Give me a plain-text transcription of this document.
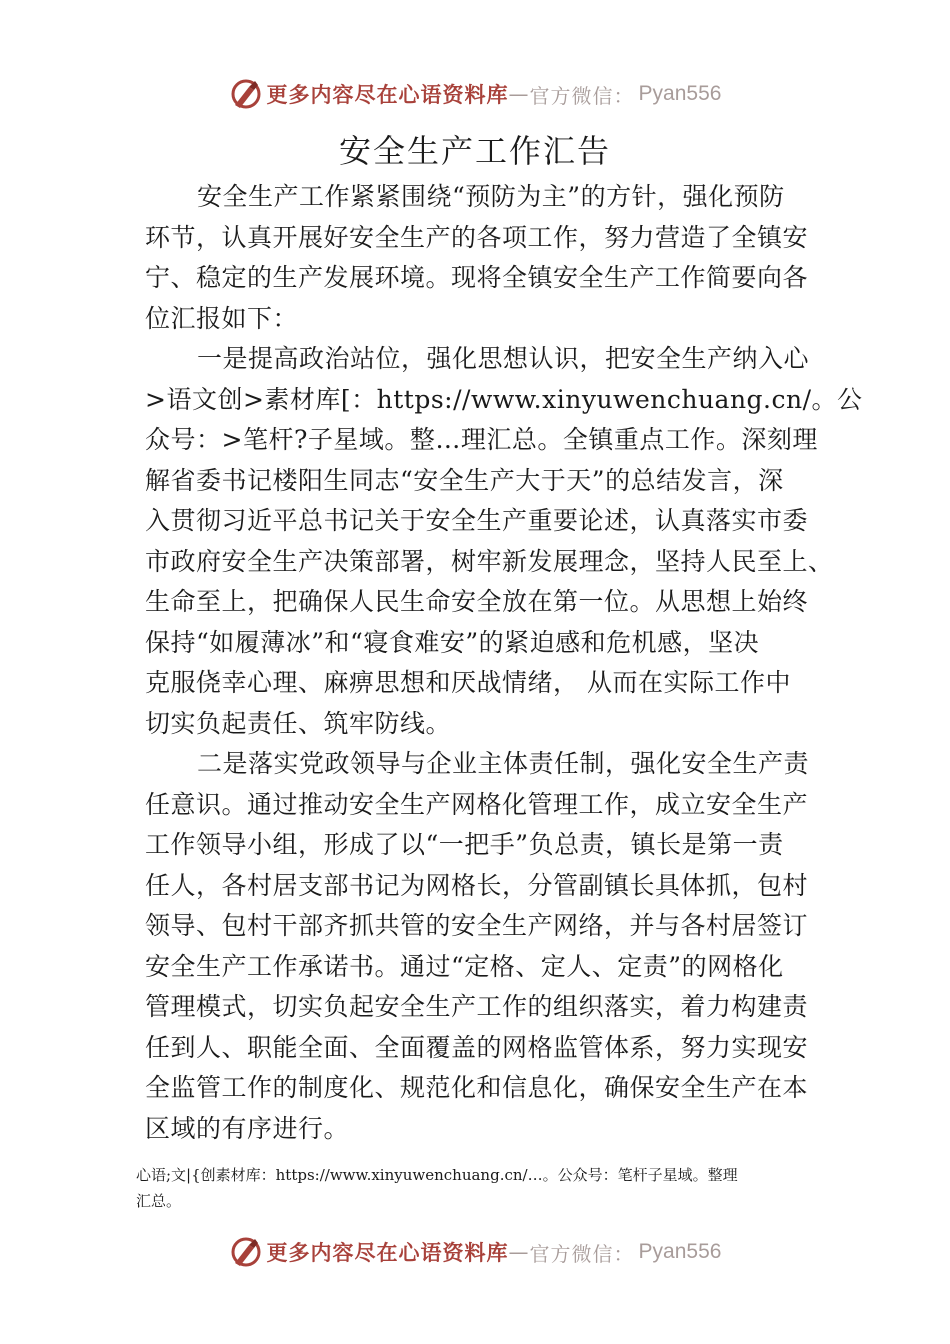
更多内容尽在心语资料库 — 官方微信： Pyan556
安全生产工作汇告
安全生产工作紧紧围绕“预防为主”的方针，强化预防
环节，认真开展好安全生产的各项工作，努力营造了全镇安
宁、稳定的生产发展环境。现将全镇安全生产工作简要向各
位汇报如下：
一是提高政治站位，强化思想认识，把安全生产纳入心
>语文创>素材库[：https://www.xinyuwenchuang.cn/。公
众号：>笔杆?子星域。整…理汇总。全镇重点工作。深刻理
解省委书记楼阳生同志“安全生产大于天”的总结发言，深
入贯彻习近平总书记关于安全生产重要论述，认真落实市委
市政府安全生产决策部署，树牢新发展理念，坚持人民至上、
生命至上，把确保人民生命安全放在第一位。从思想上始终
保持“如履薄冰”和“寝食难安”的紧迫感和危机感，坚决
克服侥幸心理、麻痹思想和厌战情绪， 从而在实际工作中
切实负起责任、筑牢防线。
二是落实党政领导与企业主体责任制，强化安全生产责
任意识。通过推动安全生产网格化管理工作，成立安全生产
工作领导小组，形成了以“一把手”负总责，镇长是第一责
任人，各村居支部书记为网格长，分管副镇长具体抓，包村
领导、包村干部齐抓共管的安全生产网络，并与各村居签订
安全生产工作承诺书。通过“定格、定人、定责”的网格化
管理模式，切实负起安全生产工作的组织落实，着力构建责
任到人、职能全面、全面覆盖的网格监管体系，努力实现安
全监管工作的制度化、规范化和信息化，确保安全生产在本
区域的有序进行。
心语;文|{创素材库：https://www.xinyuwenchuang.cn/…。公众号：笔杆子星域。整理
汇总。
更多内容尽在心语资料库 — 官方微信： Pyan556
